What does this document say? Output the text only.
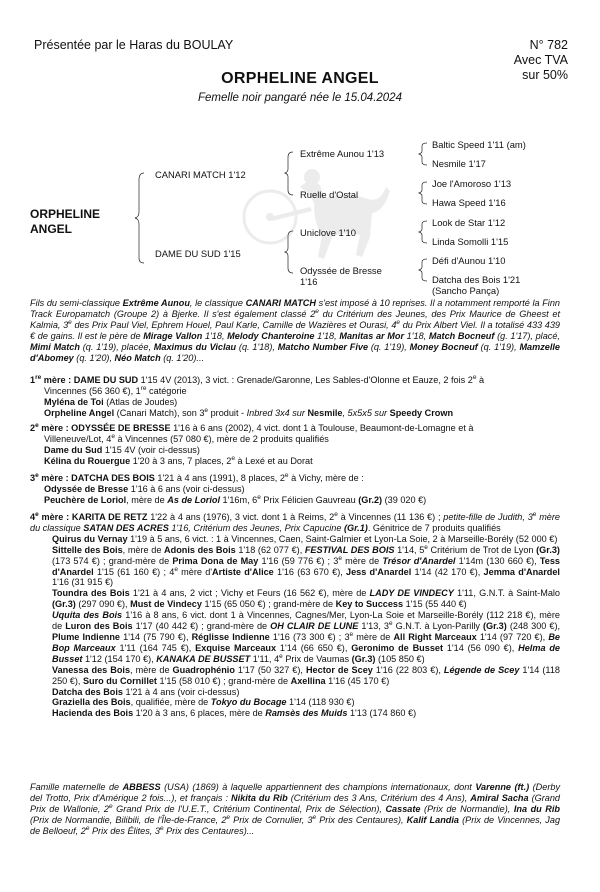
Présentée par le Haras du BOULAY	N° 782
Avec TVA
sur 50%
ORPHELINE ANGEL
Femelle noir pangaré née le 15.04.2024
CANARI MATCH 1'12
DAME DU SUD 1'15
Extrême Aunou 1'13
Ruelle d'Ostal
Uniclove 1'10
Odyssée de Bresse
1'16
Baltic Speed 1'11 (am)
Nesmile 1'17
Joe l'Amoroso 1'13
Hawa Speed 1'16
Look de Star 1'12
Linda Somolli 1'15
Défi d'Aunou 1'10
Datcha des Bois 1'21
(Sancho Pança)
ORPHELINE
ANGEL
Fils du semi-classique Extrême Aunou, le classique CANARI MATCH s'est imposé à 10 reprises. Il a notamment remporté la Finn Track Europamatch (Groupe 2) à Bjerke. Il s'est également classé 2e du Critérium des Jeunes, des Prix Maurice de Gheest et Kalmia, 3e des Prix Paul Viel, Ephrem Houel, Paul Karle, Camille de Wazières et Ourasi, 4e du Prix Albert Viel. Il a totalisé 433 439 € de gains. Il est le père de Mirage Vallon 1'18, Melody Chanteroine 1'18, Manitas ar Mor 1'18, Match Bocneuf (g. 1'17), placé, Mimi Match (q. 1'19), placée, Maximus du Viclau (q. 1'18), Matcho Number Five (q. 1'19), Money Bocneuf (q. 1'19), Mamzelle d'Abomey (q. 1'20), Néo Match (q. 1'20)...
1re mère : DAME DU SUD 1'15 4V (2013), 3 vict. : Grenade/Garonne, Les Sables-d'Olonne et Eauze, 2 fois 2e à
Vincennes (56 360 €), 1re catégorie
Myléna de Toi (Atlas de Joudes)
Orpheline Angel (Canari Match), son 3e produit - Inbred 3x4 sur Nesmile, 5x5x5 sur Speedy Crown
2e mère : ODYSSÉE DE BRESSE 1'16 à 6 ans (2002), 4 vict. dont 1 à Toulouse, Beaumont-de-Lomagne et à
Villeneuve/Lot, 4e à Vincennes (57 080 €), mère de 2 produits qualifiés
Dame du Sud 1'15 4V (voir ci-dessus)
Kélina du Rouergue 1'20 à 3 ans, 7 places, 2e à Lexé et au Dorat
3e mère : DATCHA DES BOIS 1'21 à 4 ans (1991), 8 places, 2e à Vichy, mère de :
Odyssée de Bresse 1'16 à 6 ans (voir ci-dessus)
Peuchère de Loriol, mère de As de Loriol 1'16m, 6e Prix Félicien Gauvreau (Gr.2) (39 020 €)
4e mère : KARITA DE RETZ 1'22 à 4 ans (1976), 3 vict. dont 1 à Reims, 2e à Vincennes (11 136 €) ; petite-fille de Judith, 3e mère du classique SATAN DES ACRES 1'16, Critérium des Jeunes, Prix Capucine (Gr.1). Génitrice de 7 produits qualifiés
Quirus du Vernay 1'19 à 5 ans, 6 vict. : 1 à Vincennes, Caen, Saint-Galmier et Lyon-La Soie, 2 à Marseille-Borély (52 000 €)
Sittelle des Bois, mère de Adonis des Bois 1'18 (62 077 €), FESTIVAL DES BOIS 1'14, 5e Critérium de Trot de Lyon (Gr.3) (173 574 €) ; grand-mère de Prima Dona de May 1'16 (59 776 €) ; 3e mère de Trésor d'Anardel 1'14m (130 660 €), Tess d'Anardel 1'15 (61 160 €) ; 4e mère d'Artiste d'Alice 1'16 (63 670 €), Jess d'Anardel 1'14 (42 170 €), Jemma d'Anardel 1'16 (31 915 €)
Toundra des Bois 1'21 à 4 ans, 2 vict ; Vichy et Feurs (16 562 €), mère de LADY DE VINDECY 1'11, G.N.T. à Saint-Malo (Gr.3) (297 090 €), Must de Vindecy 1'15 (65 050 €) ; grand-mère de Key to Success 1'15 (55 440 €)
Uquita des Bois 1'16 à 8 ans, 6 vict. dont 1 à Vincennes, Cagnes/Mer, Lyon-La Soie et Marseille-Borély (112 218 €), mère de Luron des Bois 1'17 (40 442 €) ; grand-mère de OH CLAIR DE LUNE 1'13, 3e G.N.T. à Lyon-Parilly (Gr.3) (248 300 €), Plume Indienne 1'14 (75 790 €), Réglisse Indienne 1'16 (73 300 €) ; 3e mère de All Right Marceaux 1'14 (97 720 €), Be Bop Marceaux 1'11 (164 745 €), Exquise Marceaux 1'14 (66 650 €), Geronimo de Busset 1'14 (56 090 €), Helma de Busset 1'12 (154 170 €), KANAKA DE BUSSET 1'11, 4e Prix de Vaumas (Gr.3) (105 850 €)
Vanessa des Bois, mère de Guadrophénio 1'17 (50 327 €), Hector de Scey 1'16 (22 803 €), Légende de Scey 1'14 (118 250 €), Suro du Cornillet 1'15 (58 010 €) ; grand-mère de Axellina 1'16 (45 170 €)
Datcha des Bois 1'21 à 4 ans (voir ci-dessus)
Graziella des Bois, qualifiée, mère de Tokyo du Bocage 1'14 (118 930 €)
Hacienda des Bois 1'20 à 3 ans, 6 places, mère de Ramsès des Muids 1'13 (174 860 €)
Famille maternelle de ABBESS (USA) (1869) à laquelle appartiennent des champions internationaux, dont Varenne (ft.) (Derby del Trotto, Prix d'Amérique 2 fois...), et français : Nikita du Rib (Critérium des 3 Ans, Critérium des 4 Ans), Amiral Sacha (Grand Prix de Wallonie, 2e Grand Prix de l'U.E.T., Critérium Continental, Prix de Sélection), Cassate (Prix de Normandie), Ina du Rib (Prix de Normandie, Bilibili, de l'Île-de-France, 2e Prix de Cornulier, 3e Prix des Centaures), Kalif Landia (Prix de Vincennes, Jag de Belloeuf, 2e Prix des Élites, 3e Prix des Centaures)...
